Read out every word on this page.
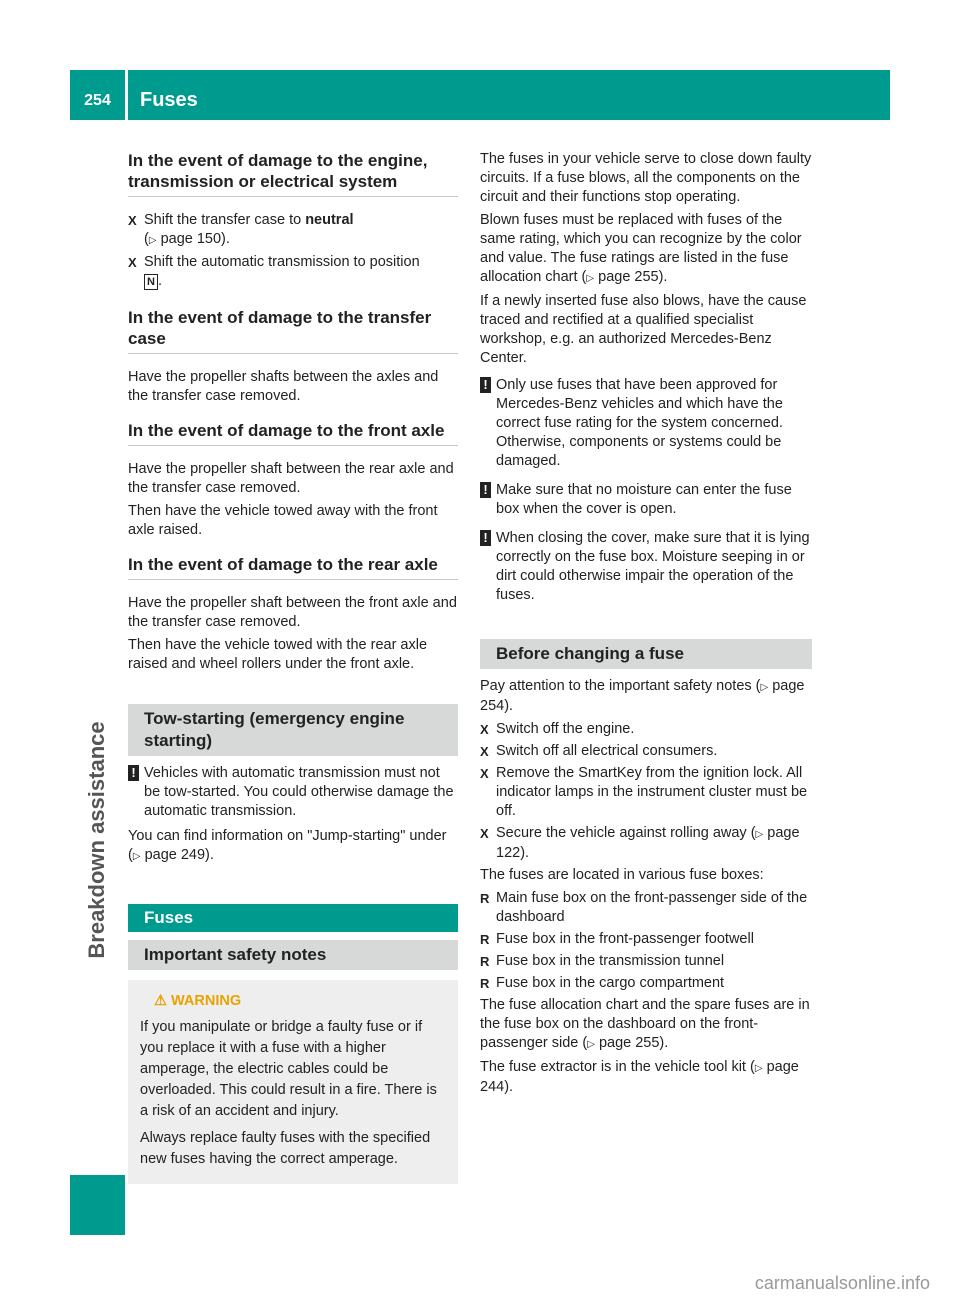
254	Fuses
Breakdown assistance
In the event of damage to the engine, transmission or electrical system
X Shift the transfer case to neutral
(▷ page 150).
X Shift the automatic transmission to position
N .
In the event of damage to the transfer case

Have the propeller shafts between the axles and the transfer case removed.

In the event of damage to the front axle

Have the propeller shaft between the rear axle and the transfer case removed.

Then have the vehicle towed away with the front axle raised.

In the event of damage to the rear axle

Have the propeller shaft between the front axle and the transfer case removed.

Then have the vehicle towed with the rear axle raised and wheel rollers under the front axle.

Tow-starting (emergency engine starting)
! Vehicles with automatic transmission must not be tow-started. You could otherwise damage the automatic transmission.

You can find information on "Jump-starting" under (▷ page 249).

Fuses
Important safety notes
⚠ WARNING

If you manipulate or bridge a faulty fuse or if you replace it with a fuse with a higher amperage, the electric cables could be overloaded. This could result in a fire. There is a risk of an accident and injury.

Always replace faulty fuses with the specified new fuses having the correct amperage.

The fuses in your vehicle serve to close down faulty circuits. If a fuse blows, all the components on the circuit and their functions stop operating.

Blown fuses must be replaced with fuses of the same rating, which you can recognize by the color and value. The fuse ratings are listed in the fuse allocation chart (▷ page 255).

If a newly inserted fuse also blows, have the cause traced and rectified at a qualified specialist workshop, e.g. an authorized Mercedes-Benz Center.

! Only use fuses that have been approved for Mercedes-Benz vehicles and which have the correct fuse rating for the system concerned. Otherwise, components or systems could be damaged.
! Make sure that no moisture can enter the fuse box when the cover is open.
! When closing the cover, make sure that it is lying correctly on the fuse box. Moisture seeping in or dirt could otherwise impair the operation of the fuses.
Before changing a fuse

Pay attention to the important safety notes (▷ page 254).

X Switch off the engine.
X Switch off all electrical consumers.
X Remove the SmartKey from the ignition lock. All indicator lamps in the instrument cluster must be off.
X Secure the vehicle against rolling away (▷ page 122).

The fuses are located in various fuse boxes:

R Main fuse box on the front-passenger side of the dashboard
R Fuse box in the front-passenger footwell
R Fuse box in the transmission tunnel
R Fuse box in the cargo compartment

The fuse allocation chart and the spare fuses are in the fuse box on the dashboard on the front-passenger side (▷ page 255).

The fuse extractor is in the vehicle tool kit (▷ page 244).

carmanualsonline.info
